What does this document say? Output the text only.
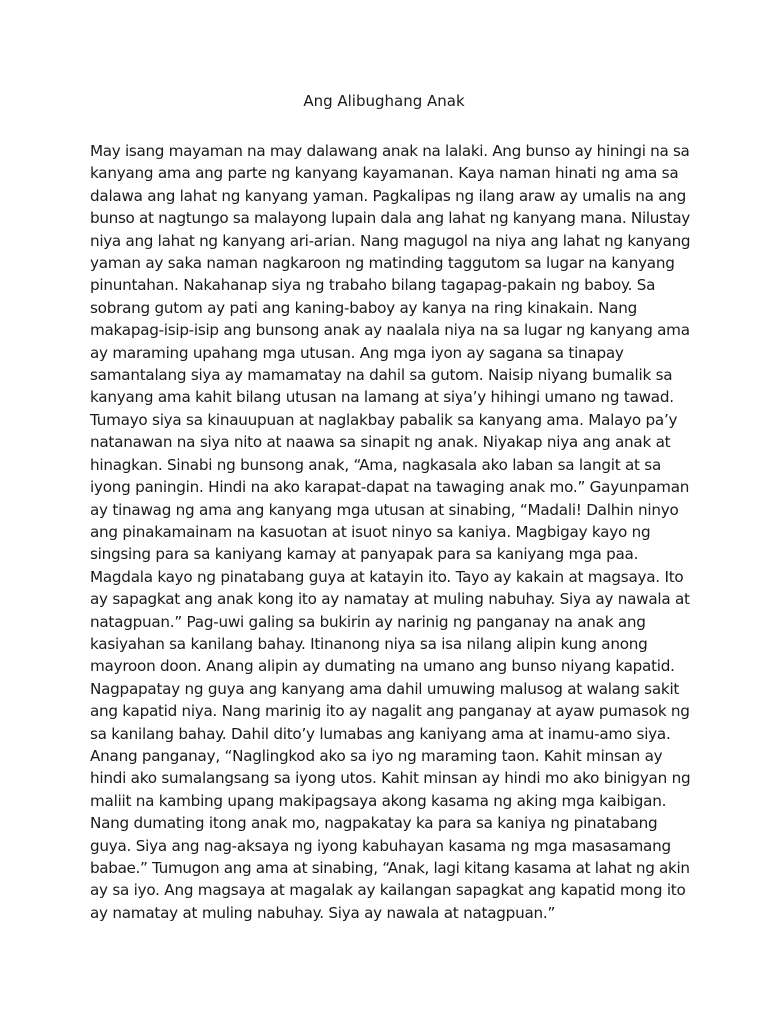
Ang Alibughang Anak
May isang mayaman na may dalawang anak na lalaki. Ang bunso ay hiningi na sa
kanyang ama ang parte ng kanyang kayamanan. Kaya naman hinati ng ama sa
dalawa ang lahat ng kanyang yaman. Pagkalipas ng ilang araw ay umalis na ang
bunso at nagtungo sa malayong lupain dala ang lahat ng kanyang mana. Nilustay
niya ang lahat ng kanyang ari-arian. Nang magugol na niya ang lahat ng kanyang
yaman ay saka naman nagkaroon ng matinding taggutom sa lugar na kanyang
pinuntahan. Nakahanap siya ng trabaho bilang tagapag-pakain ng baboy. Sa
sobrang gutom ay pati ang kaning-baboy ay kanya na ring kinakain. Nang
makapag-isip-isip ang bunsong anak ay naalala niya na sa lugar ng kanyang ama
ay maraming upahang mga utusan. Ang mga iyon ay sagana sa tinapay
samantalang siya ay mamamatay na dahil sa gutom. Naisip niyang bumalik sa
kanyang ama kahit bilang utusan na lamang at siya’y hihingi umano ng tawad.
Tumayo siya sa kinauupuan at naglakbay pabalik sa kanyang ama. Malayo pa’y
natanawan na siya nito at naawa sa sinapit ng anak. Niyakap niya ang anak at
hinagkan. Sinabi ng bunsong anak, “Ama, nagkasala ako laban sa langit at sa
iyong paningin. Hindi na ako karapat-dapat na tawaging anak mo.” Gayunpaman
ay tinawag ng ama ang kanyang mga utusan at sinabing, “Madali! Dalhin ninyo
ang pinakamainam na kasuotan at isuot ninyo sa kaniya. Magbigay kayo ng
singsing para sa kaniyang kamay at panyapak para sa kaniyang mga paa.
Magdala kayo ng pinatabang guya at katayin ito. Tayo ay kakain at magsaya. Ito
ay sapagkat ang anak kong ito ay namatay at muling nabuhay. Siya ay nawala at
natagpuan.” Pag-uwi galing sa bukirin ay narinig ng panganay na anak ang
kasiyahan sa kanilang bahay. Itinanong niya sa isa nilang alipin kung anong
mayroon doon. Anang alipin ay dumating na umano ang bunso niyang kapatid.
Nagpapatay ng guya ang kanyang ama dahil umuwing malusog at walang sakit
ang kapatid niya. Nang marinig ito ay nagalit ang panganay at ayaw pumasok ng
sa kanilang bahay. Dahil dito’y lumabas ang kaniyang ama at inamu-amo siya.
Anang panganay, “Naglingkod ako sa iyo ng maraming taon. Kahit minsan ay
hindi ako sumalangsang sa iyong utos. Kahit minsan ay hindi mo ako binigyan ng
maliit na kambing upang makipagsaya akong kasama ng aking mga kaibigan.
Nang dumating itong anak mo, nagpakatay ka para sa kaniya ng pinatabang
guya. Siya ang nag-aksaya ng iyong kabuhayan kasama ng mga masasamang
babae.” Tumugon ang ama at sinabing, “Anak, lagi kitang kasama at lahat ng akin
ay sa iyo. Ang magsaya at magalak ay kailangan sapagkat ang kapatid mong ito
ay namatay at muling nabuhay. Siya ay nawala at natagpuan.”
